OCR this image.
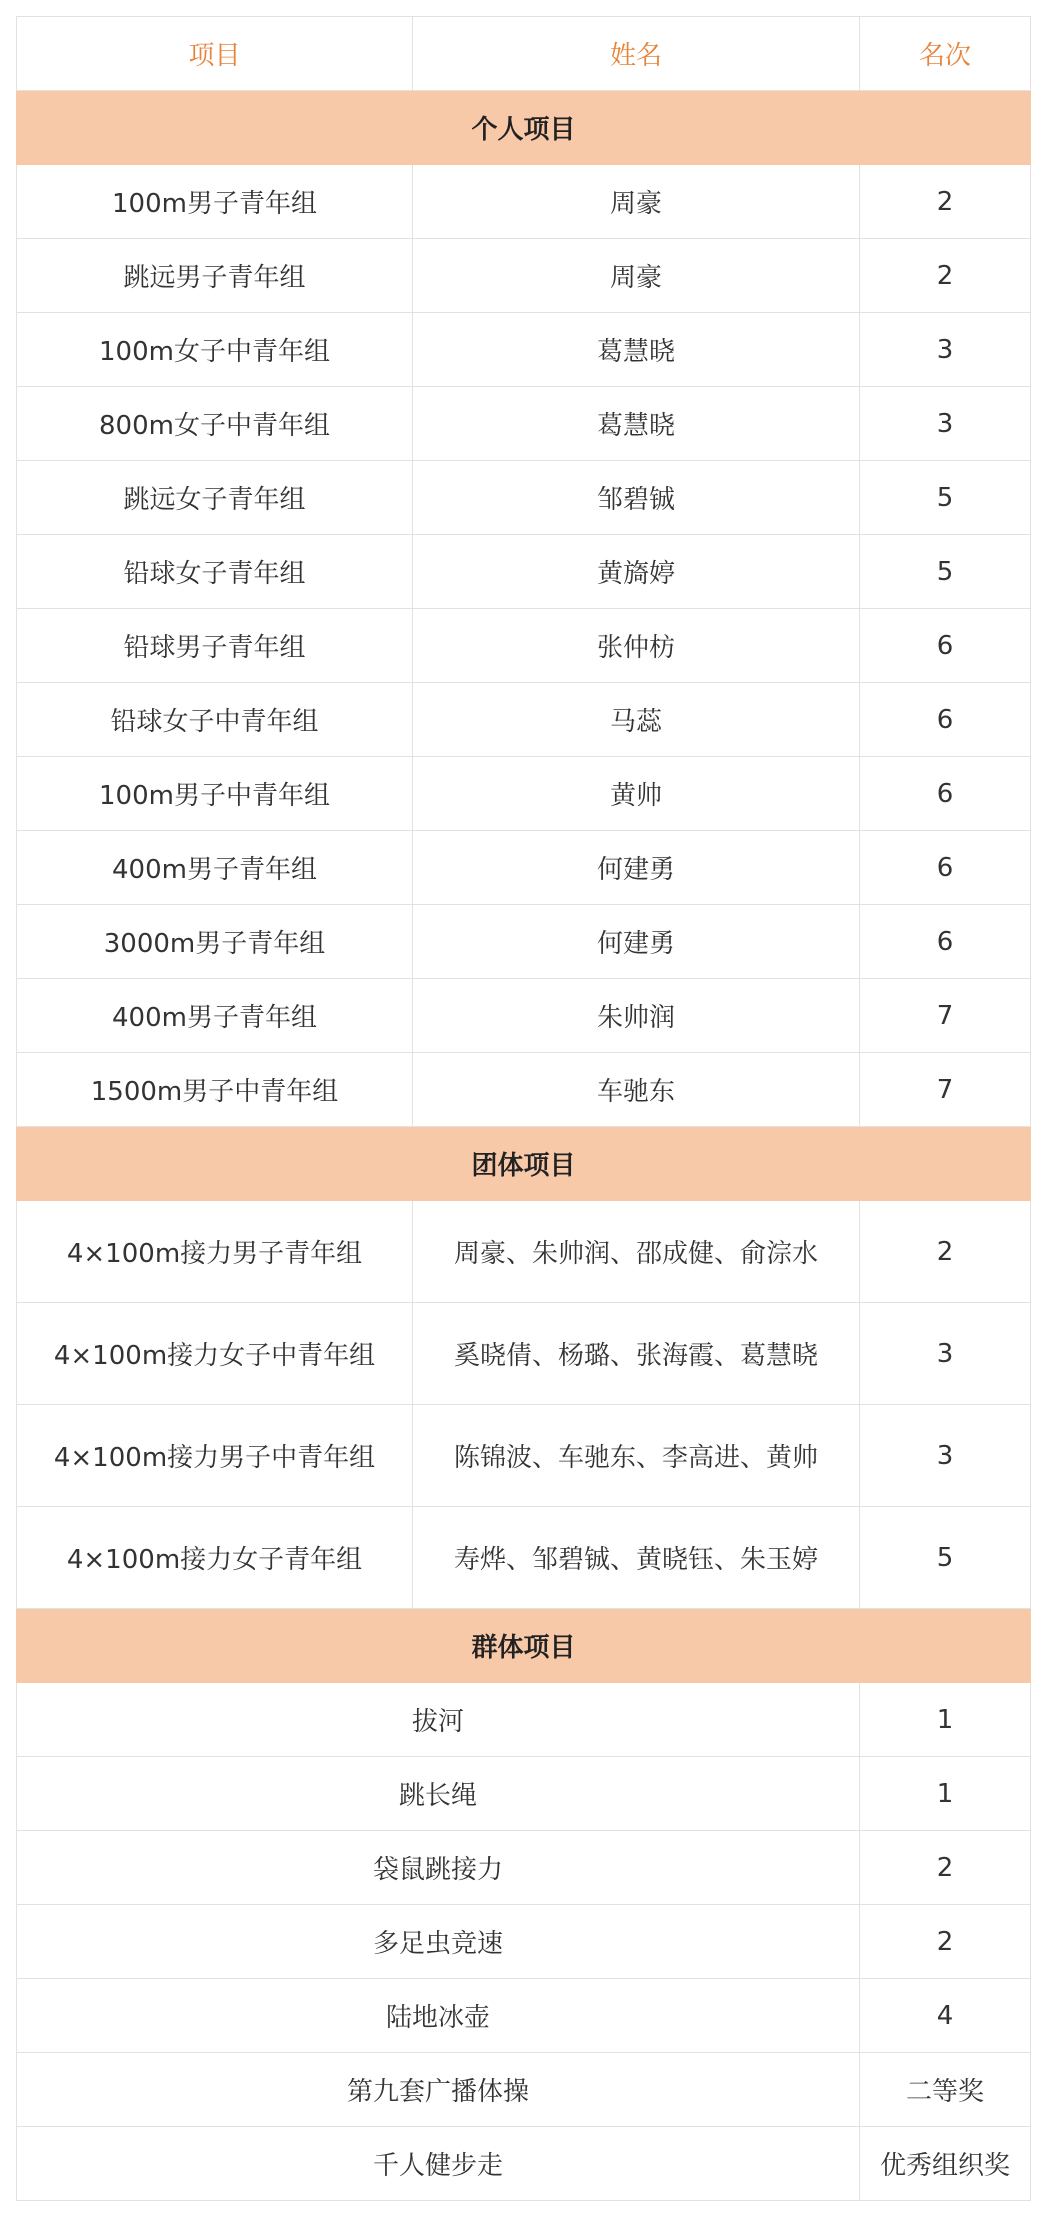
项目	姓名	名次
个人项目		
100m男子青年组	周豪	2
跳远男子青年组	周豪	2
100m女子中青年组	葛慧晓	3
800m女子中青年组	葛慧晓	3
跳远女子青年组	邹碧铖	5
铅球女子青年组	黄旖婷	5
铅球男子青年组	张仲枋	6
铅球女子中青年组	马蕊	6
100m男子中青年组	黄帅	6
400m男子青年组	何建勇	6
3000m男子青年组	何建勇	6
400m男子青年组	朱帅润	7
1500m男子中青年组	车驰东	7
团体项目		
4×100m接力男子青年组	周豪、朱帅润、邵成健、俞淙水	2
4×100m接力女子中青年组	奚晓倩、杨璐、张海霞、葛慧晓	3
4×100m接力男子中青年组	陈锦波、车驰东、李高进、黄帅	3
4×100m接力女子青年组	寿烨、邹碧铖、黄晓钰、朱玉婷	5
群体项目		
拔河		1
跳长绳		1
袋鼠跳接力		2
多足虫竞速		2
陆地冰壶		4
第九套广播体操		二等奖
千人健步走		优秀组织奖
